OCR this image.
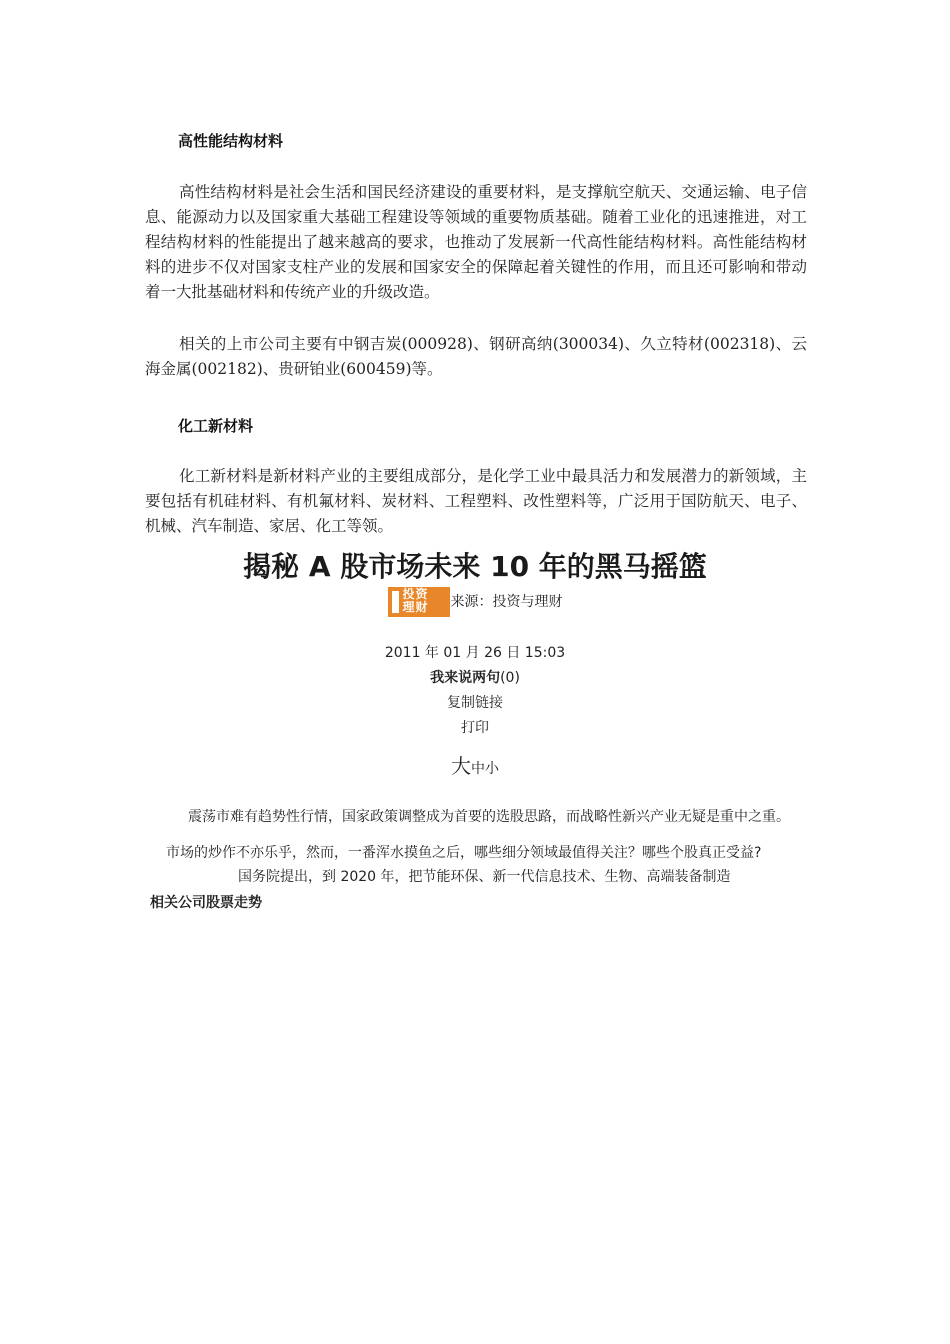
高性能结构材料

高性结构材料是社会生活和国民经济建设的重要材料，是支撑航空航天、交通运输、电子信息、能源动力以及国家重大基础工程建设等领域的重要物质基础。随着工业化的迅速推进，对工程结构材料的性能提出了越来越高的要求，也推动了发展新一代高性能结构材料。高性能结构材料的进步不仅对国家支柱产业的发展和国家安全的保障起着关键性的作用，而且还可影响和带动着一大批基础材料和传统产业的升级改造。

相关的上市公司主要有中钢吉炭(000928)、钢研高纳(300034)、久立特材(002318)、云海金属(002182)、贵研铂业(600459)等。

化工新材料

化工新材料是新材料产业的主要组成部分，是化学工业中最具活力和发展潜力的新领域，主要包括有机硅材料、有机氟材料、炭材料、工程塑料、改性塑料等，广泛用于国防航天、电子、机械、汽车制造、家居、化工等领。

揭秘 A 股市场未来 10 年的黑马摇篮
投资
理财 来源：投资与理财
2011 年 01 月 26 日 15:03
我来说两句(0)
复制链接
打印
大中小
震荡市难有趋势性行情，国家政策调整成为首要的选股思路，而战略性新兴产业无疑是重中之重。
市场的炒作不亦乐乎，然而，一番浑水摸鱼之后，哪些细分领域最值得关注？哪些个股真正受益?
国务院提出，到 2020 年，把节能环保、新一代信息技术、生物、高端装备制造
相关公司股票走势
